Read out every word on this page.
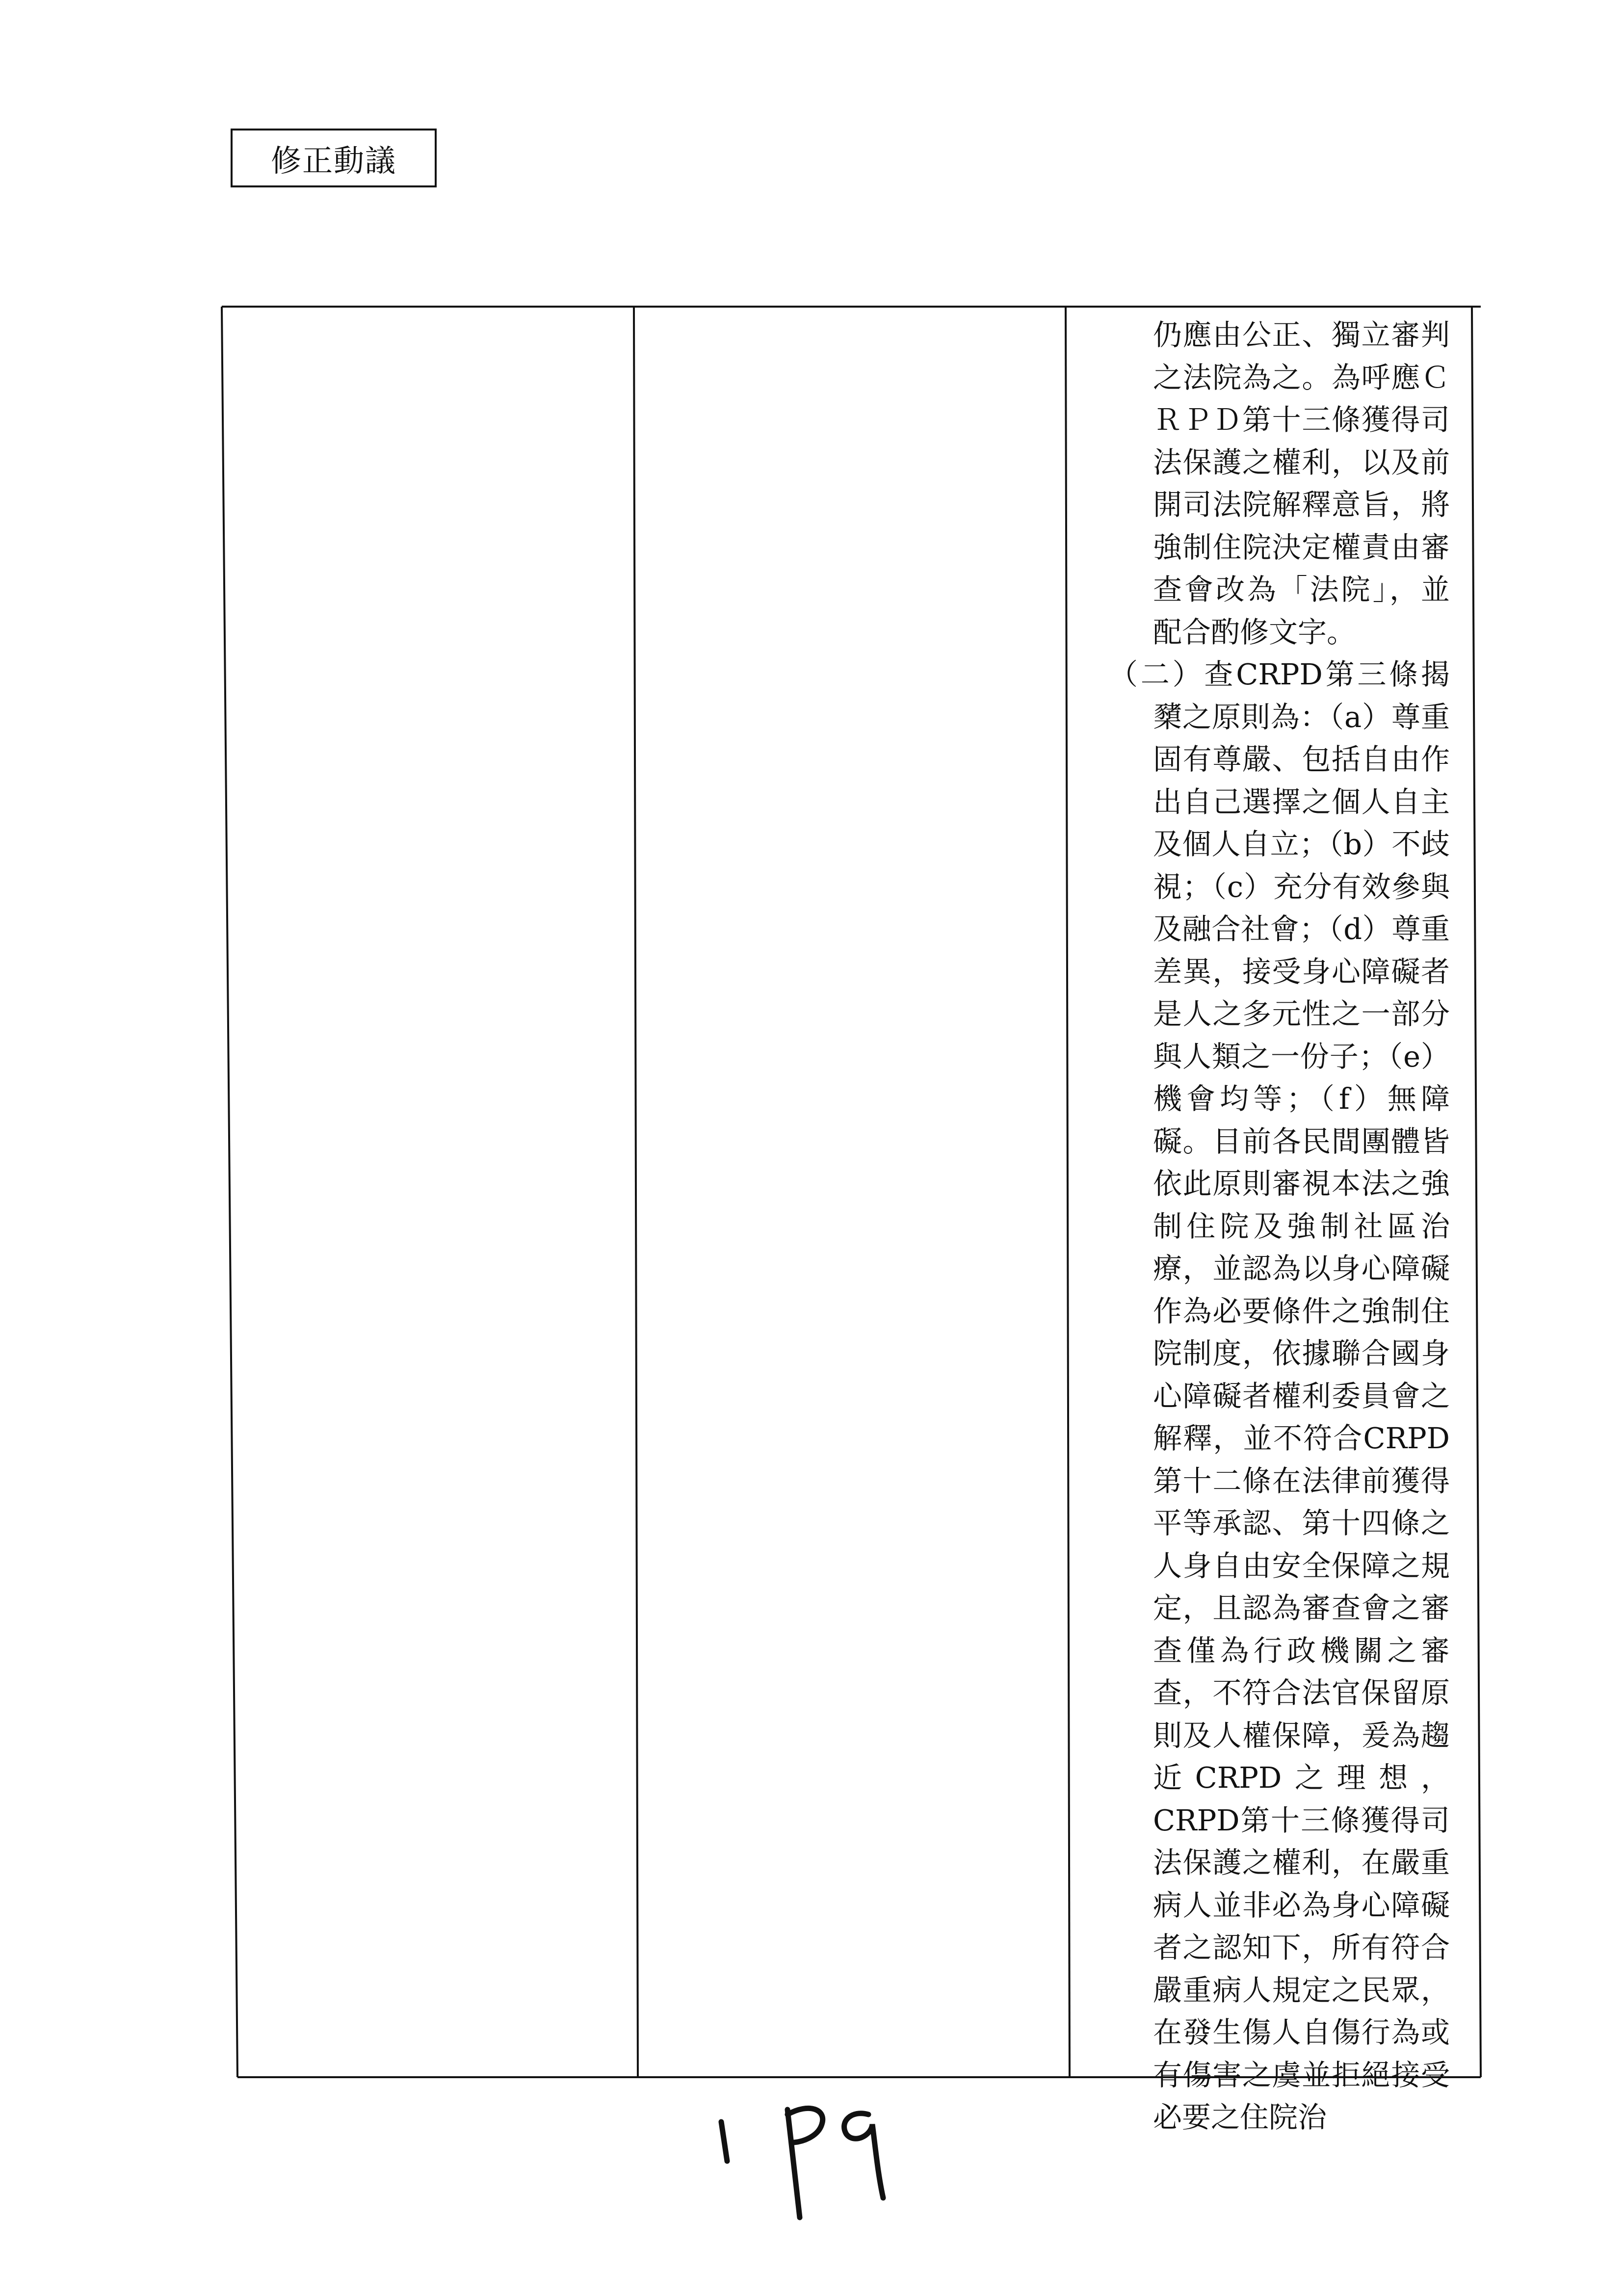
修正動議

仍應由公正、獨立審判之法院為之。為呼應ＣＲＰＤ第十三條獲得司法保護之權利，以及前開司法院解釋意旨，將強制住院決定權責由審查會改為「法院」，並配合酌修文字。

（二）查CRPD第三條揭櫫之原則為：（a）尊重固有尊嚴、包括自由作出自己選擇之個人自主及個人自立；（b）不歧視；（c）充分有效參與及融合社會；（d）尊重差異，接受身心障礙者是人之多元性之一部分與人類之一份子；（e）機會均等；（f）無障礙。目前各民間團體皆依此原則審視本法之強制住院及強制社區治療，並認為以身心障礙作為必要條件之強制住院制度，依據聯合國身心障礙者權利委員會之解釋，並不符合CRPD第十二條在法律前獲得平等承認、第十四條之人身自由安全保障之規定，且認為審查會之審查僅為行政機關之審查，不符合法官保留原則及人權保障，爰為趨近CRPD之理想，CRPD第十三條獲得司法保護之權利，在嚴重病人並非必為身心障礙者之認知下，所有符合嚴重病人規定之民眾，在發生傷人自傷行為或有傷害之虞並拒絕接受必要之住院治
